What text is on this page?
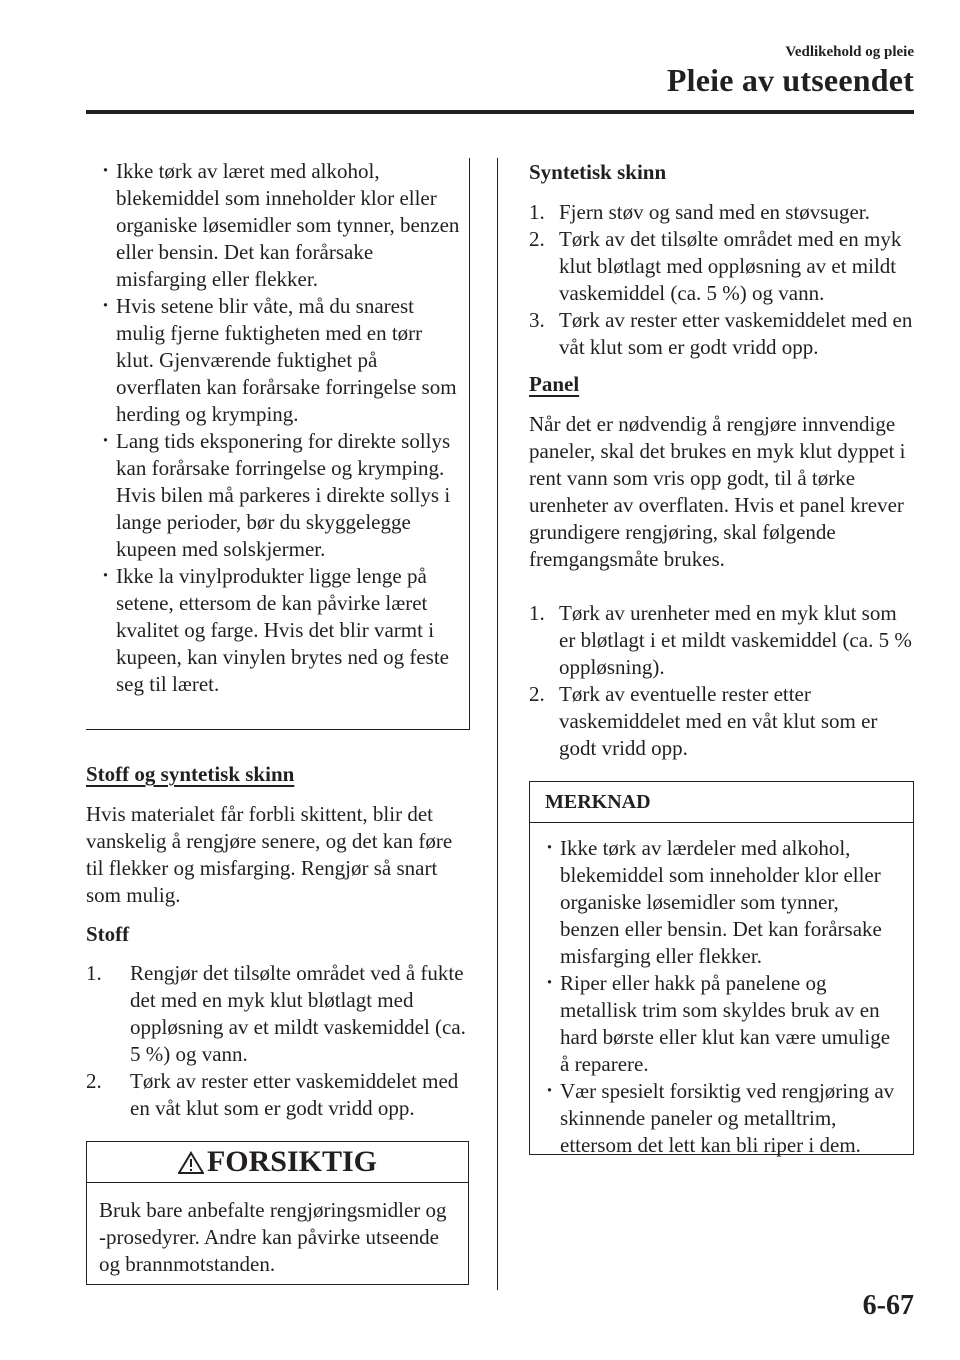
Vedlikehold og pleie
Pleie av utseendet
· Ikke tørk av læret med alkohol, blekemiddel som inneholder klor eller organiske løsemidler som tynner, benzen eller bensin. Det kan forårsake misfarging eller flekker.
· Hvis setene blir våte, må du snarest mulig fjerne fuktigheten med en tørr klut. Gjenværende fuktighet på overflaten kan forårsake forringelse som herding og krymping.
· Lang tids eksponering for direkte sollys kan forårsake forringelse og krymping. Hvis bilen må parkeres i direkte sollys i lange perioder, bør du skyggelegge kupeen med solskjermer.
· Ikke la vinylprodukter ligge lenge på setene, ettersom de kan påvirke læret kvalitet og farge. Hvis det blir varmt i kupeen, kan vinylen brytes ned og feste seg til læret.
Stoff og syntetisk skinn
Hvis materialet får forbli skittent, blir det vanskelig å rengjøre senere, og det kan føre til flekker og misfarging. Rengjør så snart som mulig.
Stoff
1. Rengjør det tilsølte området ved å fukte det med en myk klut bløtlagt med oppløsning av et mildt vaskemiddel (ca. 5 %) og vann.
2. Tørk av rester etter vaskemiddelet med en våt klut som er godt vridd opp.
FORSIKTIG
Bruk bare anbefalte rengjøringsmidler og -prosedyrer. Andre kan påvirke utseende og brannmotstanden.
Syntetisk skinn
1. Fjern støv og sand med en støvsuger.
2. Tørk av det tilsølte området med en myk klut bløtlagt med oppløsning av et mildt vaskemiddel (ca. 5 %) og vann.
3. Tørk av rester etter vaskemiddelet med en våt klut som er godt vridd opp.
Panel
Når det er nødvendig å rengjøre innvendige paneler, skal det brukes en myk klut dyppet i rent vann som vris opp godt, til å tørke urenheter av overflaten. Hvis et panel krever grundigere rengjøring, skal følgende fremgangsmåte brukes.
1. Tørk av urenheter med en myk klut som er bløtlagt i et mildt vaskemiddel (ca. 5 % oppløsning).
2. Tørk av eventuelle rester etter vaskemiddelet med en våt klut som er godt vridd opp.
MERKNAD
· Ikke tørk av lærdeler med alkohol, blekemiddel som inneholder klor eller organiske løsemidler som tynner, benzen eller bensin. Det kan forårsake misfarging eller flekker.
· Riper eller hakk på panelene og metallisk trim som skyldes bruk av en hard børste eller klut kan være umulige å reparere.
· Vær spesielt forsiktig ved rengjøring av skinnende paneler og metalltrim, ettersom det lett kan bli riper i dem.
6-67
